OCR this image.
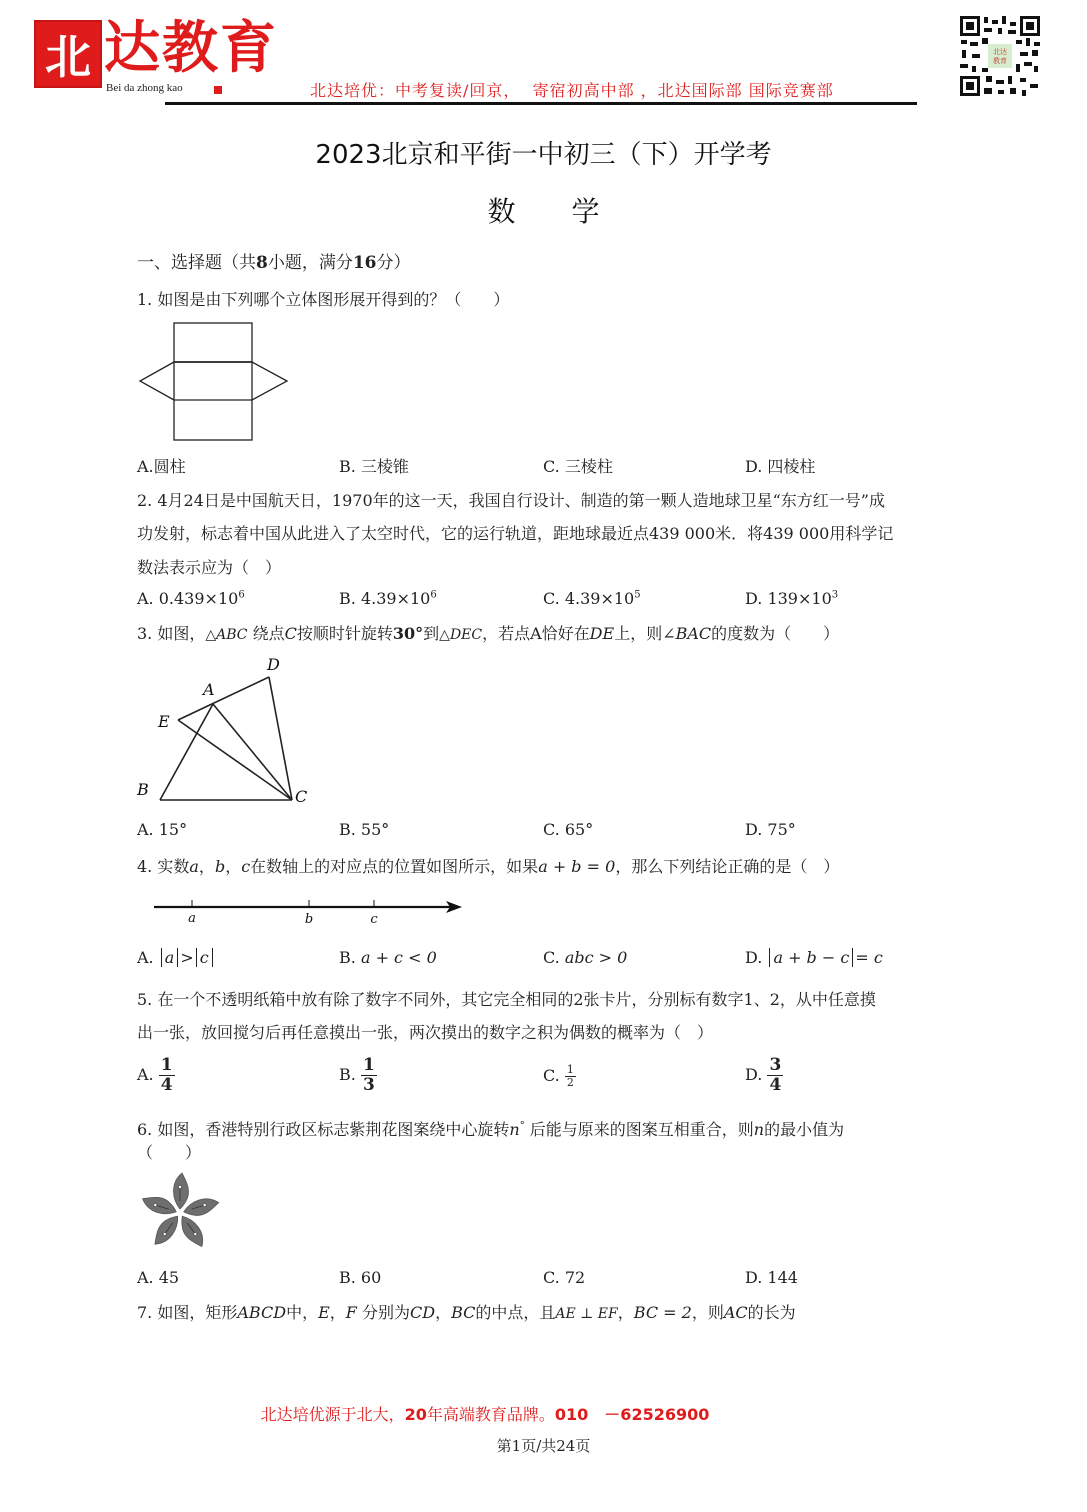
北 达教育
Bei da zhong kao	北达培优：中考复读/回京，  寄宿初高中部 ，北达国际部 国际竞赛部
北达
教育
2023北京和平街一中初三（下）开学考
数 学
一、选择题（共8小题，满分16分）
1. 如图是由下列哪个立体图形展开得到的？（　　）
A.圆柱	B. 三棱锥	C. 三棱柱	D. 四棱柱
2. 4月24日是中国航天日，1970年的这一天，我国自行设计、制造的第一颗人造地球卫星“东方红一号”成
功发射，标志着中国从此进入了太空时代，它的运行轨道，距地球最近点439 000米．将439 000用科学记
数法表示应为（　）
A. $0.439\times 10^6$	B. $4.39\times 10^6$	C. $4.39\times 10^5$	D. $139\times 10^3$
3. 如图，△ABC 绕点C按顺时针旋转30°到△DEC，若点A恰好在DE上，则∠BAC的度数为（　　）
D
A
E
B	C
A. 15°	B. 55°	C. 65°	D. 75°
4. 实数a，b，c在数轴上的对应点的位置如图所示，如果a + b = 0，那么下列结论正确的是（　）
a	b	c
A. a > c	B. a + c < 0	C. abc > 0	D. a + b − c = c
5. 在一个不透明纸箱中放有除了数字不同外，其它完全相同的2张卡片，分别标有数字1、2，从中任意摸
出一张，放回搅匀后再任意摸出一张，两次摸出的数字之积为偶数的概率为（　）
A. $\frac{1}{4}$	B. $\frac{1}{3}$	C. $\frac{1}{2}$	D. $\frac{3}{4}$
6. 如图，香港特别行政区标志紫荆花图案绕中心旋转n° 后能与原来的图案互相重合，则n的最小值为
（　　）
A. 45	B. 60	C. 72	D. 144
7. 如图，矩形ABCD中，E，F 分别为CD，BC的中点，且AE ⊥ EF，BC = 2，则AC的长为
北达培优源于北大，20年高端教育品牌。010　－62526900
第1页/共24页
